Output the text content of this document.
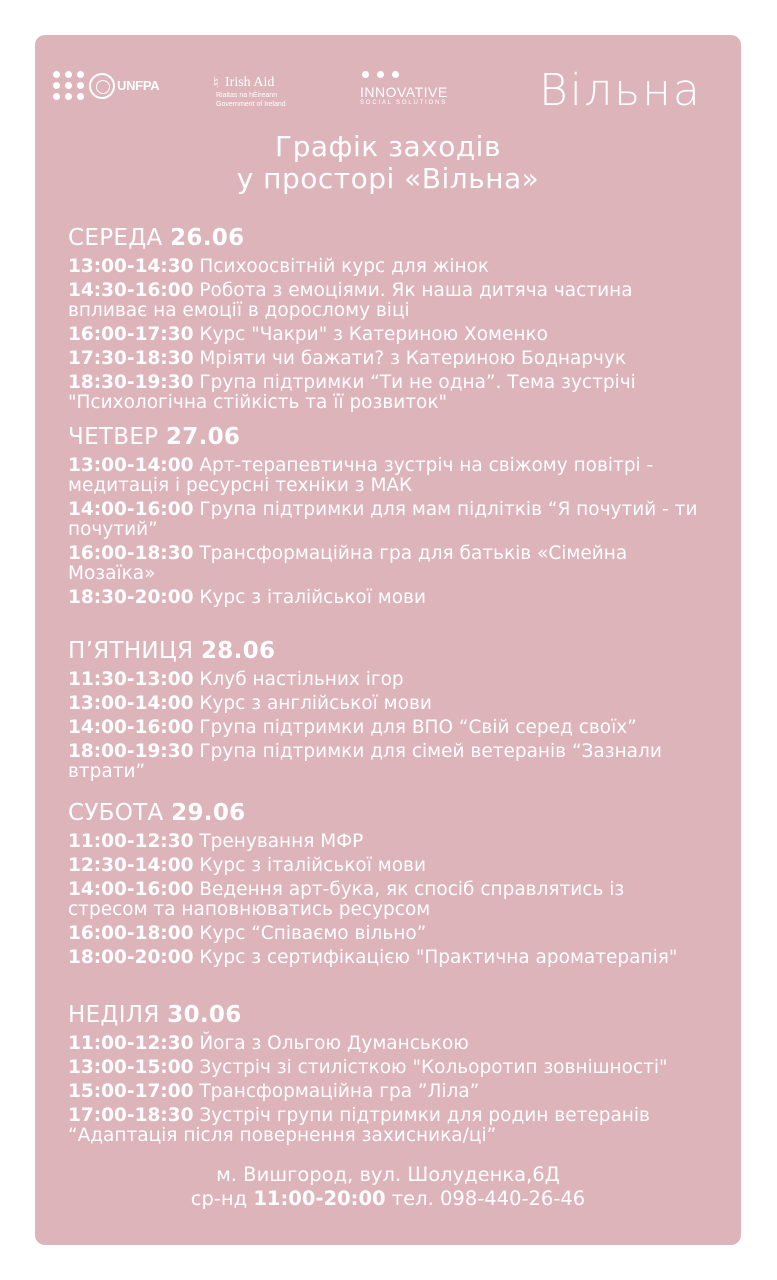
UNFPA	♮ Irish Aid
Rialtas na hÉireann
Government of Ireland
INNOVATIVE
SOCIAL SOLUTIONS Вільна
Графік заходів
у просторі «Вільна»
м. Вишгород, вул. Шолуденка,6Д
ср-нд 11:00-20:00 тел. 098-440-26-46
СЕРЕДА 26.06
13:00-14:30 Психоосвітній курс для жінок
14:30-16:00 Робота з емоціями. Як наша дитяча частина
впливає на емоції в дорослому віці
16:00-17:30 Курс "Чакри" з Катериною Хоменко
17:30-18:30 Мріяти чи бажати? з Катериною Боднарчук
18:30-19:30 Група підтримки “Ти не одна”. Тема зустрічі
"Психологічна стійкість та її розвиток"
ЧЕТВЕР 27.06
13:00-14:00 Арт-терапевтична зустріч на свіжому повітрі -
медитація і ресурсні техніки з МАК
14:00-16:00 Група підтримки для мам підлітків “Я почутий - ти
почутий”
16:00-18:30 Трансформаційна гра для батьків «Сімейна
Мозаїка»
18:30-20:00 Курс з італійської мови
П’ЯТНИЦЯ 28.06
11:30-13:00 Клуб настільних ігор
13:00-14:00 Курс з англійської мови
14:00-16:00 Група підтримки для ВПО “Свій серед своїх”
18:00-19:30 Група підтримки для сімей ветеранів “Зазнали
втрати”
СУБОТА 29.06
11:00-12:30 Тренування МФР
12:30-14:00 Курс з італійської мови
14:00-16:00 Ведення арт-бука, як спосіб справлятись із
стресом та наповнюватись ресурсом
16:00-18:00 Курс “Співаємо вільно”
18:00-20:00 Курс з сертифікацією "Практична ароматерапія"
НЕДІЛЯ 30.06
11:00-12:30 Йога з Ольгою Думанською
13:00-15:00 Зустріч зі стилісткою "Кольоротип зовнішності"
15:00-17:00 Трансформаційна гра ”Ліла”
17:00-18:30 Зустріч групи підтримки для родин ветеранів
“Адаптація після повернення захисника/ці”
